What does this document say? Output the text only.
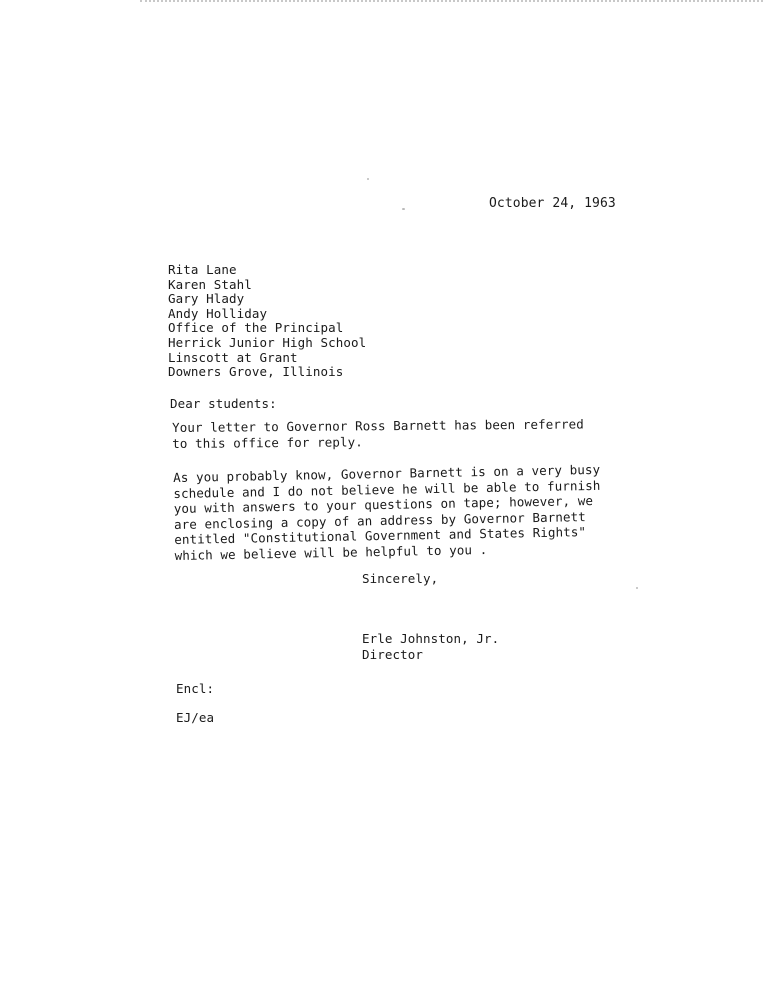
October 24, 1963
Rita Lane
Karen Stahl
Gary Hlady
Andy Holliday
Office of the Principal
Herrick Junior High School
Linscott at Grant
Downers Grove, Illinois
Dear students:
Your letter to Governor Ross Barnett has been referred
to this office for reply.
As you probably know, Governor Barnett is on a very busy
schedule and I do not believe he will be able to furnish
you with answers to your questions on tape; however, we
are enclosing a copy of an address by Governor Barnett
entitled "Constitutional Government and States Rights"
which we believe will be helpful to you .
Sincerely,
Erle Johnston, Jr.
Director
Encl:
EJ/ea
